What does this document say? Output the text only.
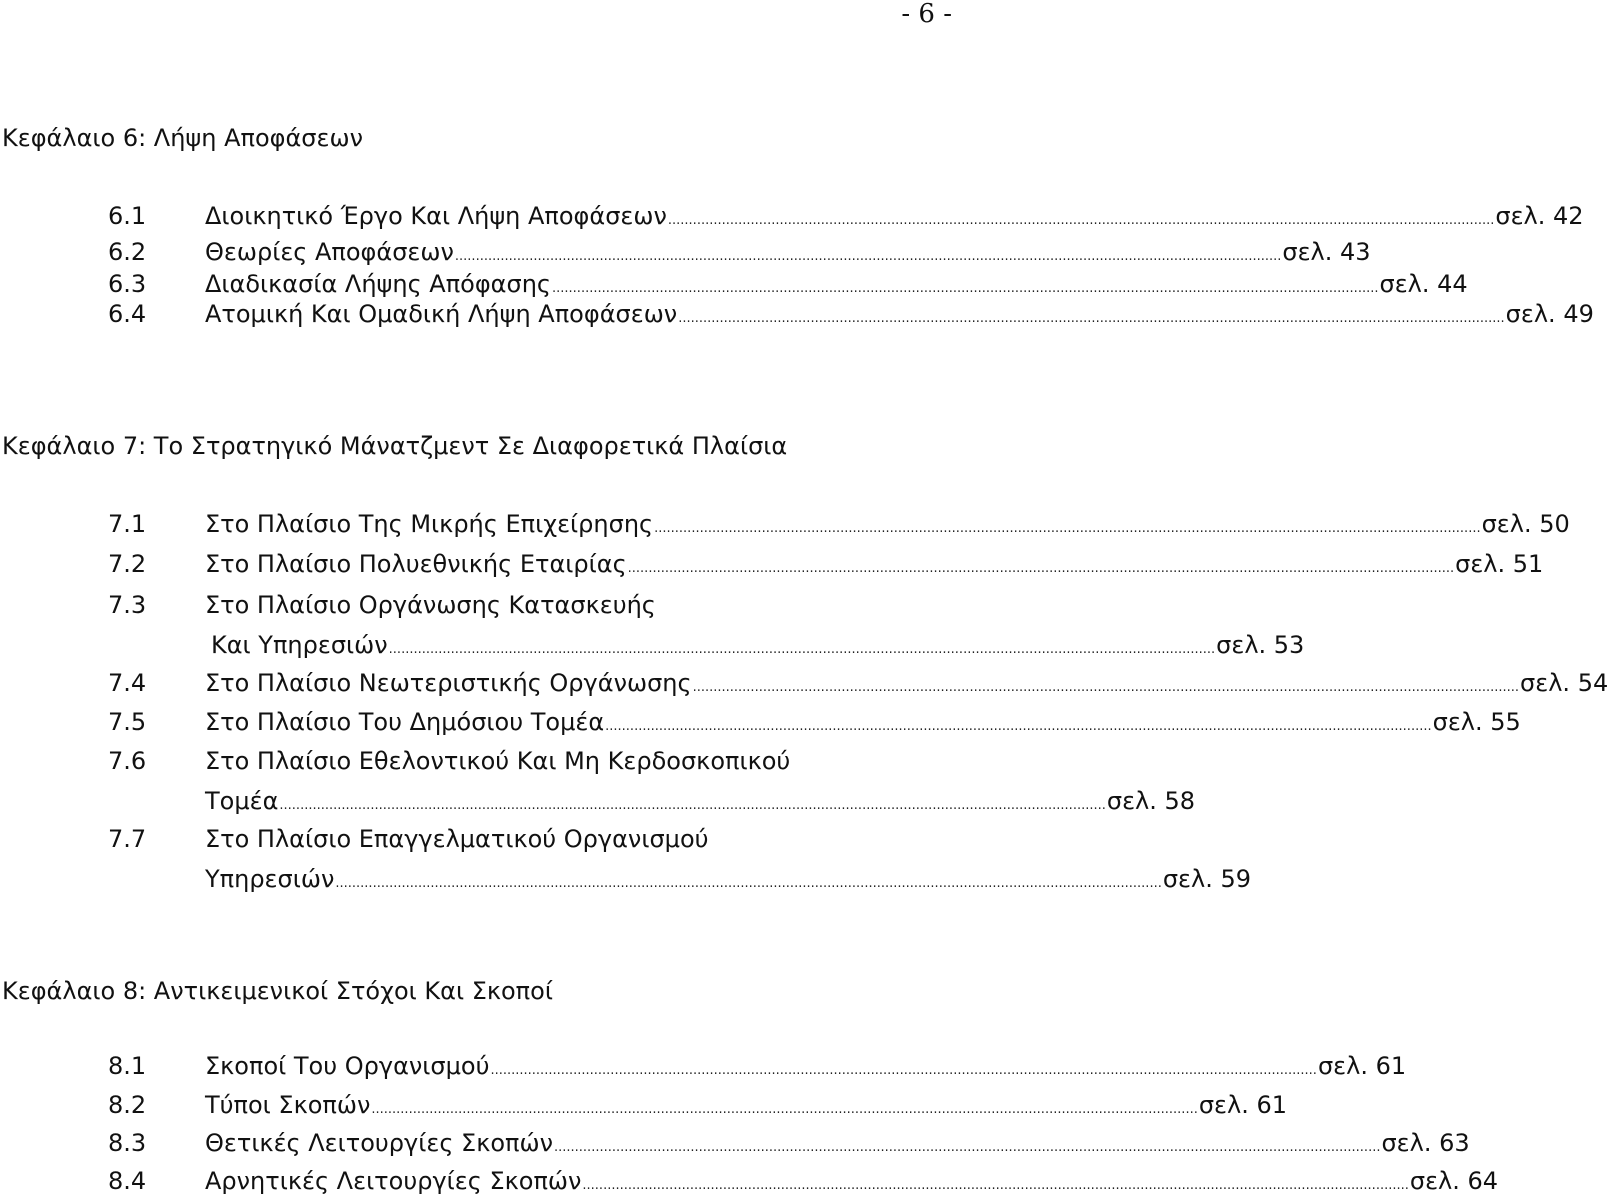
- 6 -
Κεφάλαιο 6: Λήψη Αποφάσεων
6.1 Διοικητικό Έργο Και Λήψη Αποφάσεων ........................................................................................................................................................................................................ σελ. 42
6.2 Θεωρίες Αποφάσεων ........................................................................................................................................................................................................ σελ. 43
6.3 Διαδικασία Λήψης Απόφασης ........................................................................................................................................................................................................ σελ. 44
6.4 Ατομική Και Ομαδική Λήψη Αποφάσεων ........................................................................................................................................................................................................ σελ. 49
Κεφάλαιο 7: Το Στρατηγικό Μάνατζμεντ Σε Διαφορετικά Πλαίσια
7.1 Στο Πλαίσιο Της Μικρής Επιχείρησης ........................................................................................................................................................................................................ σελ. 50
7.2 Στο Πλαίσιο Πολυεθνικής Εταιρίας ........................................................................................................................................................................................................ σελ. 51
7.3 Στο Πλαίσιο Οργάνωσης Κατασκευής
Και Υπηρεσιών ........................................................................................................................................................................................................ σελ. 53
7.4 Στο Πλαίσιο Νεωτεριστικής Οργάνωσης ........................................................................................................................................................................................................ σελ. 54
7.5 Στο Πλαίσιο Του Δημόσιου Τομέα ........................................................................................................................................................................................................ σελ. 55
7.6 Στο Πλαίσιο Εθελοντικού Και Μη Κερδοσκοπικού
Τομέα ........................................................................................................................................................................................................ σελ. 58
7.7 Στο Πλαίσιο Επαγγελματικού Οργανισμού
Υπηρεσιών ........................................................................................................................................................................................................ σελ. 59
Κεφάλαιο 8: Αντικειμενικοί Στόχοι Και Σκοποί
8.1 Σκοποί Του Οργανισμού ........................................................................................................................................................................................................ σελ. 61
8.2 Τύποι Σκοπών ........................................................................................................................................................................................................ σελ. 61
8.3 Θετικές Λειτουργίες Σκοπών ........................................................................................................................................................................................................ σελ. 63
8.4 Αρνητικές Λειτουργίες Σκοπών ........................................................................................................................................................................................................ σελ. 64
